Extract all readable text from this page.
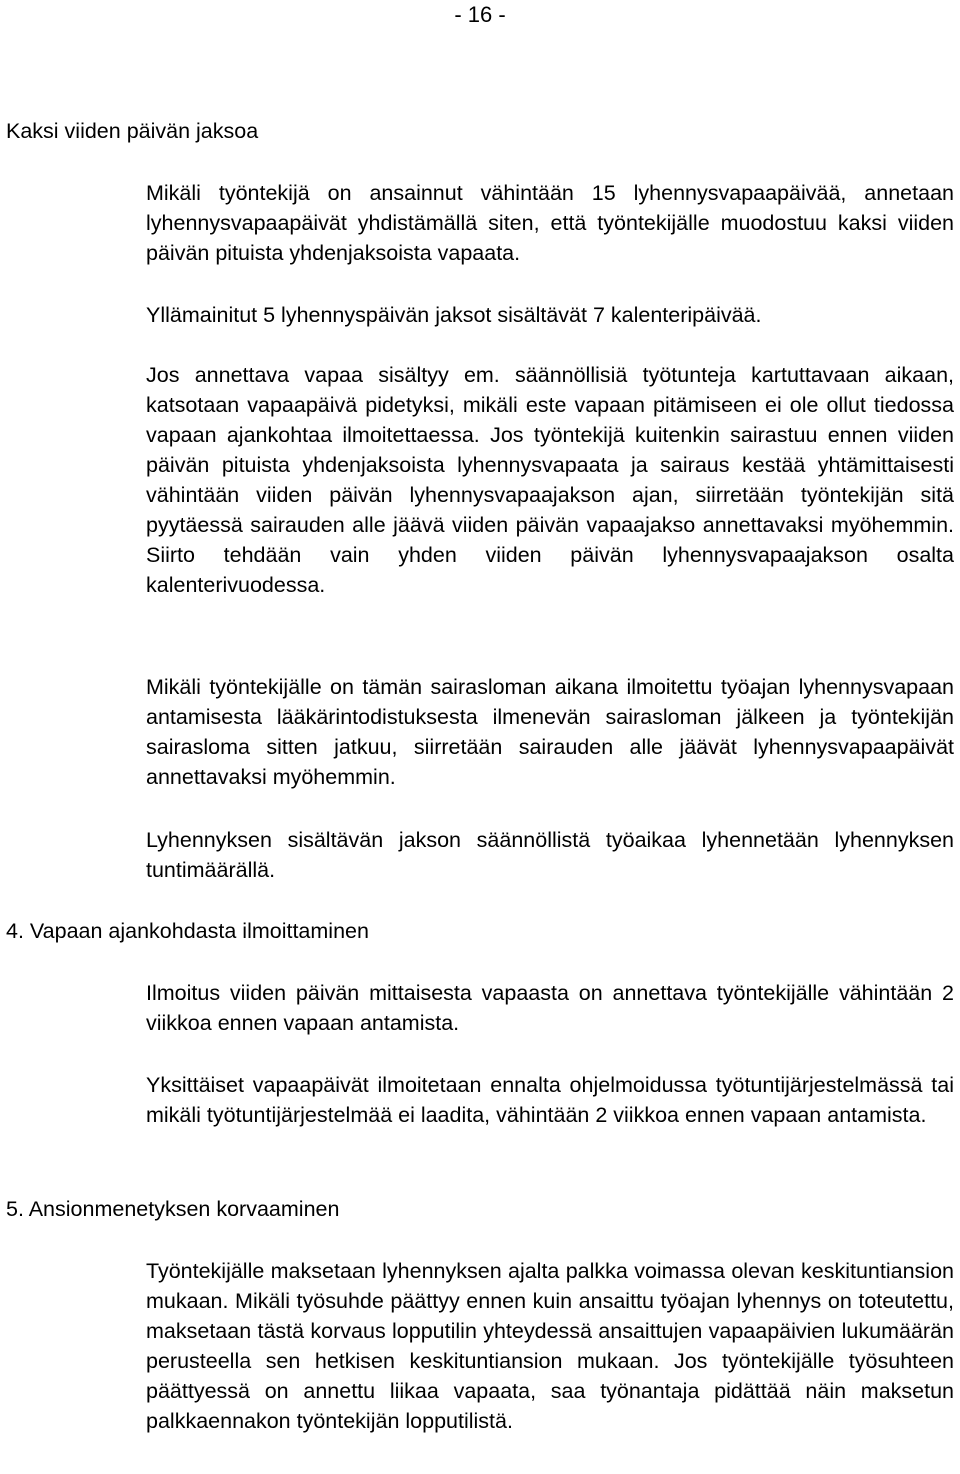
- 16 -
Kaksi viiden päivän jaksoa

Mikäli työntekijä on ansainnut vähintään 15 lyhennysvapaapäivää, annetaan lyhennysvapaapäivät yhdistämällä siten, että työntekijälle muodostuu kaksi viiden päivän pituista yhdenjaksoista vapaata.

Yllämainitut 5 lyhennyspäivän jaksot sisältävät 7 kalenteripäivää.

Jos annettava vapaa sisältyy em. säännöllisiä työtunteja kartuttavaan aikaan, katsotaan vapaapäivä pidetyksi, mikäli este vapaan pitämiseen ei ole ollut tiedossa vapaan ajankohtaa ilmoitettaessa. Jos työntekijä kuitenkin sairastuu ennen viiden päivän pituista yhdenjaksoista lyhennysvapaata ja sairaus kestää yhtämittaisesti vähintään viiden päivän lyhennysvapaajakson ajan, siirretään työntekijän sitä pyytäessä sairauden alle jäävä viiden päivän vapaajakso annettavaksi myöhemmin. Siirto tehdään vain yhden viiden päivän lyhennysvapaajakson osalta kalenterivuodessa.

Mikäli työntekijälle on tämän sairasloman aikana ilmoitettu työajan lyhennysvapaan antamisesta lääkärintodistuksesta ilmenevän sairasloman jälkeen ja työntekijän sairasloma sitten jatkuu, siirretään sairauden alle jäävät lyhennysvapaapäivät annettavaksi myöhemmin.

Lyhennyksen sisältävän jakson säännöllistä työaikaa lyhennetään lyhennyksen tuntimäärällä.

4. Vapaan ajankohdasta ilmoittaminen

Ilmoitus viiden päivän mittaisesta vapaasta on annettava työntekijälle vähintään 2 viikkoa ennen vapaan antamista.

Yksittäiset vapaapäivät ilmoitetaan ennalta ohjelmoidussa työtuntijärjestelmässä tai mikäli työtuntijärjestelmää ei laadita, vähintään 2 viikkoa ennen vapaan antamista.

5. Ansionmenetyksen korvaaminen

Työntekijälle maksetaan lyhennyksen ajalta palkka voimassa olevan keskituntiansion mukaan. Mikäli työsuhde päättyy ennen kuin ansaittu työajan lyhennys on toteutettu, maksetaan tästä korvaus lopputilin yhteydessä ansaittujen vapaapäivien lukumäärän perusteella sen hetkisen keskituntiansion mukaan. Jos työntekijälle työsuhteen päättyessä on annettu liikaa vapaata, saa työnantaja pidättää näin maksetun palkkaennakon työntekijän lopputilistä.
